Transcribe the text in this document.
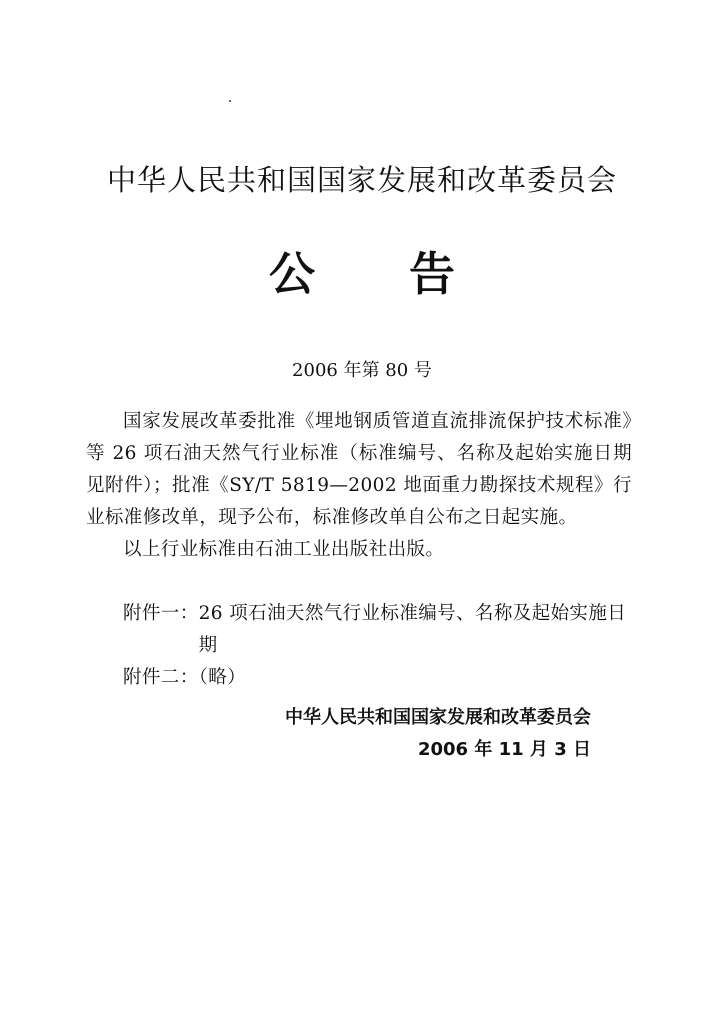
中华人民共和国国家发展和改革委员会
公	告
2006 年第 80 号

国家发展改革委批准《埋地钢质管道直流排流保护技术标准》等 26 项石油天然气行业标准（标准编号、名称及起始实施日期见附件）；批准《SY/T 5819—2002 地面重力勘探技术规程》行业标准修改单，现予公布，标准修改单自公布之日起实施。

以上行业标准由石油工业出版社出版。

附件一： 26 项石油天然气行业标准编号、名称及起始实施日期
附件二：（略）
中华人民共和国国家发展和改革委员会
2006 年 11 月 3 日
